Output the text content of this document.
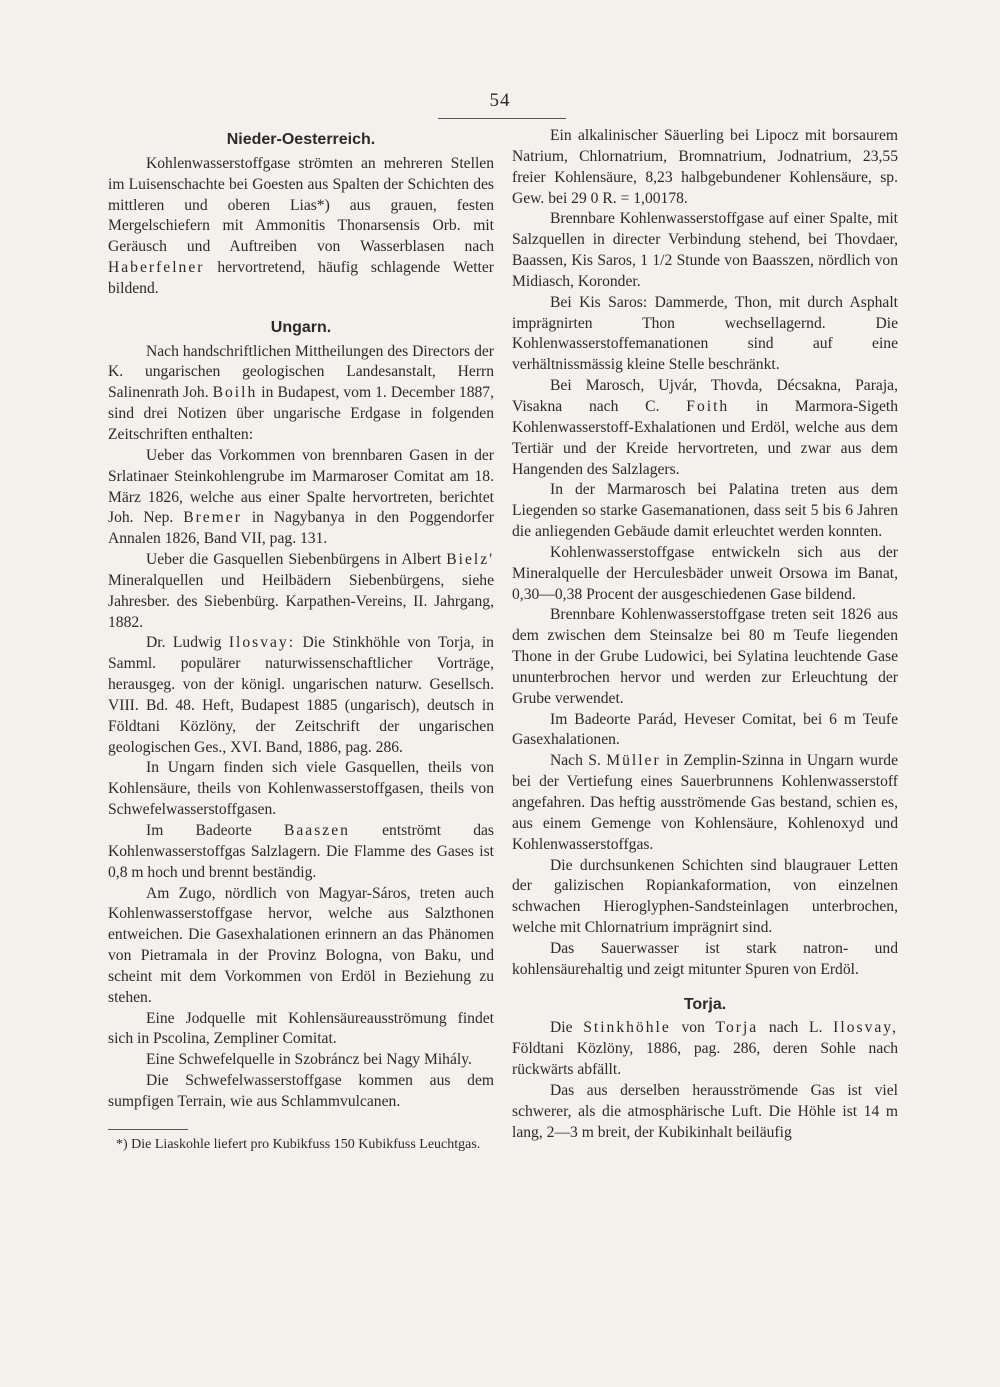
54
Nieder-Oesterreich.

Kohlenwasserstoffgase strömten an mehreren Stellen im Luisenschachte bei Goesten aus Spalten der Schichten des mittleren und oberen Lias*) aus grauen, festen Mergelschiefern mit Ammonitis Thonarsensis Orb. mit Geräusch und Auftreiben von Wasserblasen nach Haberfelner hervortretend, häufig schlagende Wetter bildend.

Ungarn.

Nach handschriftlichen Mittheilungen des Directors der K. ungarischen geologischen Landesanstalt, Herrn Salinenrath Joh. Boilh in Budapest, vom 1. December 1887, sind drei Notizen über ungarische Erdgase in folgenden Zeitschriften enthalten:

Ueber das Vorkommen von brennbaren Gasen in der Srlatinaer Steinkohlengrube im Marmaroser Comitat am 18. März 1826, welche aus einer Spalte hervortreten, berichtet Joh. Nep. Bremer in Nagybanya in den Poggendorfer Annalen 1826, Band VII, pag. 131.

Ueber die Gasquellen Siebenbürgens in Albert Bielz' Mineralquellen und Heilbädern Siebenbürgens, siehe Jahresber. des Siebenbürg. Karpathen-Vereins, II. Jahrgang, 1882.

Dr. Ludwig Ilosvay: Die Stinkhöhle von Torja, in Samml. populärer naturwissenschaftlicher Vorträge, herausgeg. von der königl. ungarischen naturw. Gesellsch. VIII. Bd. 48. Heft, Budapest 1885 (ungarisch), deutsch in Földtani Közlöny, der Zeitschrift der ungarischen geologischen Ges., XVI. Band, 1886, pag. 286.

In Ungarn finden sich viele Gasquellen, theils von Kohlensäure, theils von Kohlenwasserstoffgasen, theils von Schwefelwasserstoffgasen.

Im Badeorte Baaszen entströmt das Kohlenwasserstoffgas Salzlagern. Die Flamme des Gases ist 0,8 m hoch und brennt beständig.

Am Zugo, nördlich von Magyar-Sáros, treten auch Kohlenwasserstoffgase hervor, welche aus Salzthonen entweichen. Die Gasexhalationen erinnern an das Phänomen von Pietramala in der Provinz Bologna, von Baku, und scheint mit dem Vorkommen von Erdöl in Beziehung zu stehen.

Eine Jodquelle mit Kohlensäureausströmung findet sich in Pscolina, Zempliner Comitat.

Eine Schwefelquelle in Szobráncz bei Nagy Mihály.

Die Schwefelwasserstoffgase kommen aus dem sumpfigen Terrain, wie aus Schlammvulcanen.

*) Die Liaskohle liefert pro Kubikfuss 150 Kubikfuss Leuchtgas.

Ein alkalinischer Säuerling bei Lipocz mit borsaurem Natrium, Chlornatrium, Bromnatrium, Jodnatrium, 23,55 freier Kohlensäure, 8,23 halbgebundener Kohlensäure, sp. Gew. bei 29 0 R. = 1,00178.

Brennbare Kohlenwasserstoffgase auf einer Spalte, mit Salzquellen in directer Verbindung stehend, bei Thovdaer, Baassen, Kis Saros, 1 1/2 Stunde von Baasszen, nördlich von Midiasch, Koronder.

Bei Kis Saros: Dammerde, Thon, mit durch Asphalt imprägnirten Thon wechsellagernd. Die Kohlenwasserstoffemanationen sind auf eine verhältnissmässig kleine Stelle beschränkt.

Bei Marosch, Ujvár, Thovda, Décsakna, Paraja, Visakna nach C. Foith in Marmora-Sigeth Kohlenwasserstoff-Exhalationen und Erdöl, welche aus dem Tertiär und der Kreide hervortreten, und zwar aus dem Hangenden des Salzlagers.

In der Marmarosch bei Palatina treten aus dem Liegenden so starke Gasemanationen, dass seit 5 bis 6 Jahren die anliegenden Gebäude damit erleuchtet werden konnten.

Kohlenwasserstoffgase entwickeln sich aus der Mineralquelle der Herculesbäder unweit Orsowa im Banat, 0,30—0,38 Procent der ausgeschiedenen Gase bildend.

Brennbare Kohlenwasserstoffgase treten seit 1826 aus dem zwischen dem Steinsalze bei 80 m Teufe liegenden Thone in der Grube Ludowici, bei Sylatina leuchtende Gase ununterbrochen hervor und werden zur Erleuchtung der Grube verwendet.

Im Badeorte Parád, Heveser Comitat, bei 6 m Teufe Gasexhalationen.

Nach S. Müller in Zemplin-Szinna in Ungarn wurde bei der Vertiefung eines Sauerbrunnens Kohlenwasserstoff angefahren. Das heftig ausströmende Gas bestand, schien es, aus einem Gemenge von Kohlensäure, Kohlenoxyd und Kohlenwasserstoffgas.

Die durchsunkenen Schichten sind blaugrauer Letten der galizischen Ropiankaformation, von einzelnen schwachen Hieroglyphen-Sandsteinlagen unterbrochen, welche mit Chlornatrium imprägnirt sind.

Das Sauerwasser ist stark natron- und kohlensäurehaltig und zeigt mitunter Spuren von Erdöl.

Torja.

Die Stinkhöhle von Torja nach L. Ilosvay, Földtani Közlöny, 1886, pag. 286, deren Sohle nach rückwärts abfällt.

Das aus derselben herausströmende Gas ist viel schwerer, als die atmosphärische Luft. Die Höhle ist 14 m lang, 2—3 m breit, der Kubikinhalt beiläufig
